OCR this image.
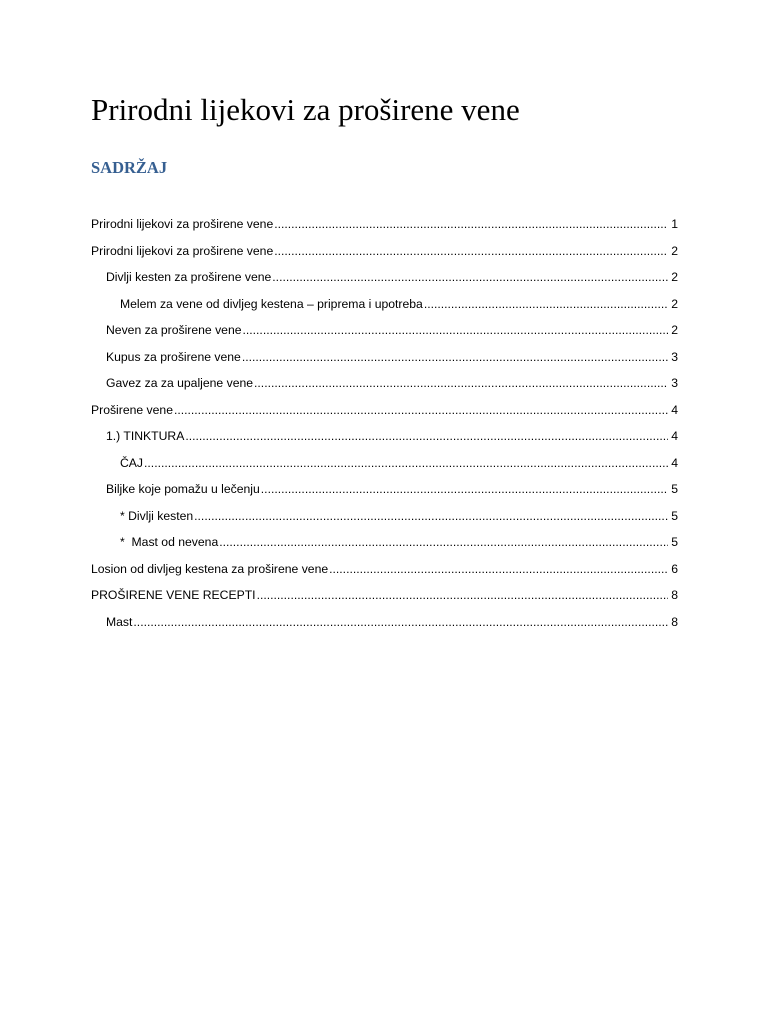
Prirodni lijekovi za proširene vene
SADRŽAJ
Prirodni lijekovi za proširene vene .....	1
Prirodni lijekovi za proširene vene .....	2
Divlji kesten za proširene vene .....	2
Melem za vene od divljeg kestena – priprema i upotreba .....	2
Neven za proširene vene .....	2
Kupus za proširene vene .....	3
Gavez za za upaljene vene .....	3
Proširene vene .....	4
1.) TINKTURA .....	4
ČAJ .....	4
Biljke koje pomažu u lečenju .....	5
* Divlji kesten .....	5
*  Mast od nevena .....	5
Losion od divljeg kestena za proširene vene .....	6
PROŠIRENE VENE RECEPTI .....	8
Mast .....	8
